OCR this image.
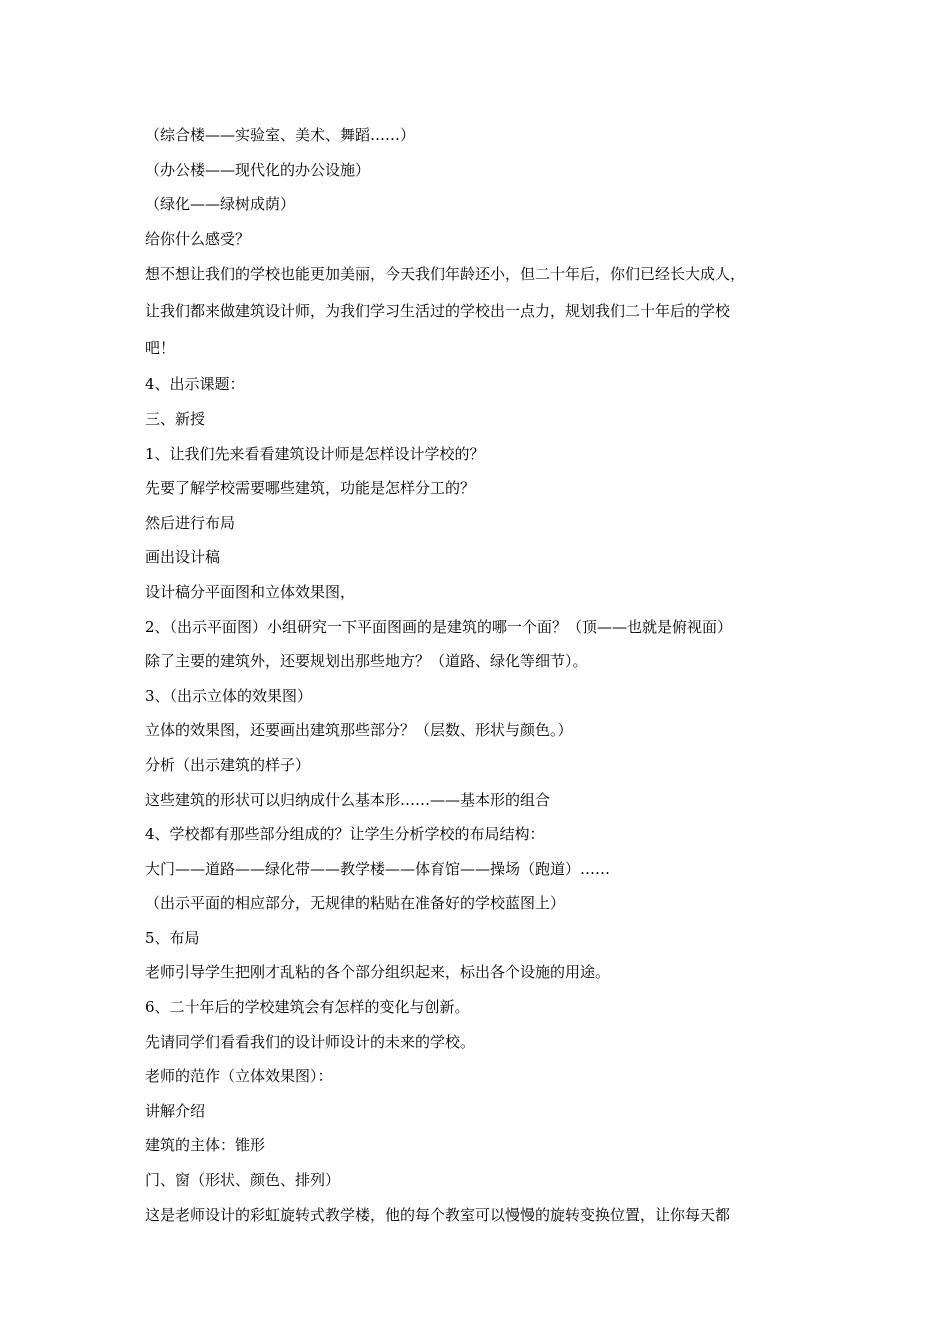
（综合楼——实验室、美术、舞蹈……）
（办公楼——现代化的办公设施）
（绿化——绿树成荫）
给你什么感受？
想不想让我们的学校也能更加美丽，今天我们年龄还小，但二十年后，你们已经长大成人，
让我们都来做建筑设计师，为我们学习生活过的学校出一点力，规划我们二十年后的学校
吧！
4、出示课题：
三、新授
1、让我们先来看看建筑设计师是怎样设计学校的？
先要了解学校需要哪些建筑，功能是怎样分工的？
然后进行布局
画出设计稿
设计稿分平面图和立体效果图，
2、（出示平面图）小组研究一下平面图画的是建筑的哪一个面？（顶——也就是俯视面）
除了主要的建筑外，还要规划出那些地方？（道路、绿化等细节）。
3、（出示立体的效果图）
立体的效果图，还要画出建筑那些部分？（层数、形状与颜色。）
分析（出示建筑的样子）
这些建筑的形状可以归纳成什么基本形……——基本形的组合
4、学校都有那些部分组成的？让学生分析学校的布局结构：
大门——道路——绿化带——教学楼——体育馆——操场（跑道）……
（出示平面的相应部分，无规律的粘贴在准备好的学校蓝图上）
5、布局
老师引导学生把刚才乱粘的各个部分组织起来，标出各个设施的用途。
6、二十年后的学校建筑会有怎样的变化与创新。
先请同学们看看我们的设计师设计的未来的学校。
老师的范作（立体效果图）：
讲解介绍
建筑的主体：锥形
门、窗（形状、颜色、排列）
这是老师设计的彩虹旋转式教学楼，他的每个教室可以慢慢的旋转变换位置，让你每天都
